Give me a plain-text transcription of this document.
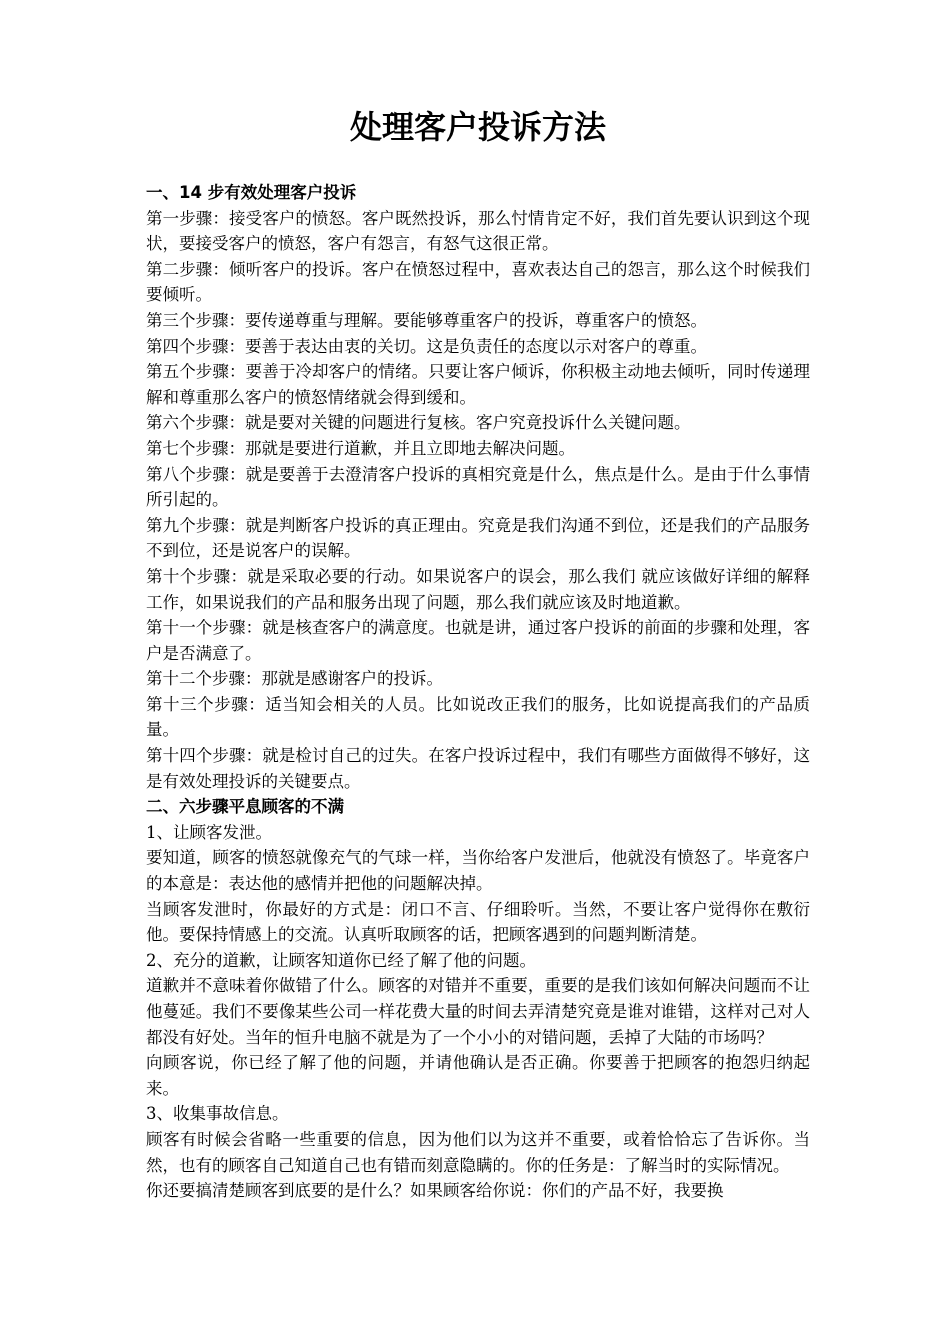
处理客户投诉方法
一、14 步有效处理客户投诉

第一步骤：接受客户的愤怒。客户既然投诉，那么忖情肯定不好，我们首先要认识到这个现状，要接受客户的愤怒，客户有怨言，有怒气这很正常。

第二步骤：倾听客户的投诉。客户在愤怒过程中，喜欢表达自己的怨言，那么这个时候我们要倾听。

第三个步骤：要传递尊重与理解。要能够尊重客户的投诉，尊重客户的愤怒。

第四个步骤：要善于表达由衷的关切。这是负责任的态度以示对客户的尊重。

第五个步骤：要善于冷却客户的情绪。只要让客户倾诉，你积极主动地去倾听，同时传递理解和尊重那么客户的愤怒情绪就会得到缓和。

第六个步骤：就是要对关键的问题进行复核。客户究竟投诉什么关键问题。

第七个步骤：那就是要进行道歉，并且立即地去解决问题。

第八个步骤：就是要善于去澄清客户投诉的真相究竟是什么，焦点是什么。是由于什么事情所引起的。

第九个步骤：就是判断客户投诉的真正理由。究竟是我们沟通不到位，还是我们的产品服务不到位，还是说客户的误解。

第十个步骤：就是采取必要的行动。如果说客户的误会，那么我们 就应该做好详细的解释工作，如果说我们的产品和服务出现了问题，那么我们就应该及时地道歉。

第十一个步骤：就是核查客户的满意度。也就是讲，通过客户投诉的前面的步骤和处理，客户是否满意了。

第十二个步骤：那就是感谢客户的投诉。

第十三个步骤：适当知会相关的人员。比如说改正我们的服务，比如说提高我们的产品质量。

第十四个步骤：就是检讨自己的过失。在客户投诉过程中，我们有哪些方面做得不够好，这是有效处理投诉的关键要点。

二、六步骤平息顾客的不满

1、让顾客发泄。

要知道，顾客的愤怒就像充气的气球一样，当你给客户发泄后，他就没有愤怒了。毕竟客户的本意是：表达他的感情并把他的问题解决掉。

当顾客发泄时，你最好的方式是：闭口不言、仔细聆听。当然，不要让客户觉得你在敷衍他。要保持情感上的交流。认真听取顾客的话，把顾客遇到的问题判断清楚。

2、充分的道歉，让顾客知道你已经了解了他的问题。

道歉并不意味着你做错了什么。顾客的对错并不重要，重要的是我们该如何解决问题而不让他蔓延。我们不要像某些公司一样花费大量的时间去弄清楚究竟是谁对谁错，这样对己对人都没有好处。当年的恒升电脑不就是为了一个小小的对错问题，丢掉了大陆的市场吗？

向顾客说，你已经了解了他的问题，并请他确认是否正确。你要善于把顾客的抱怨归纳起来。

3、收集事故信息。

顾客有时候会省略一些重要的信息，因为他们以为这并不重要，或着恰恰忘了告诉你。当然，也有的顾客自己知道自己也有错而刻意隐瞒的。你的任务是：了解当时的实际情况。

你还要搞清楚顾客到底要的是什么？如果顾客给你说：你们的产品不好，我要换
